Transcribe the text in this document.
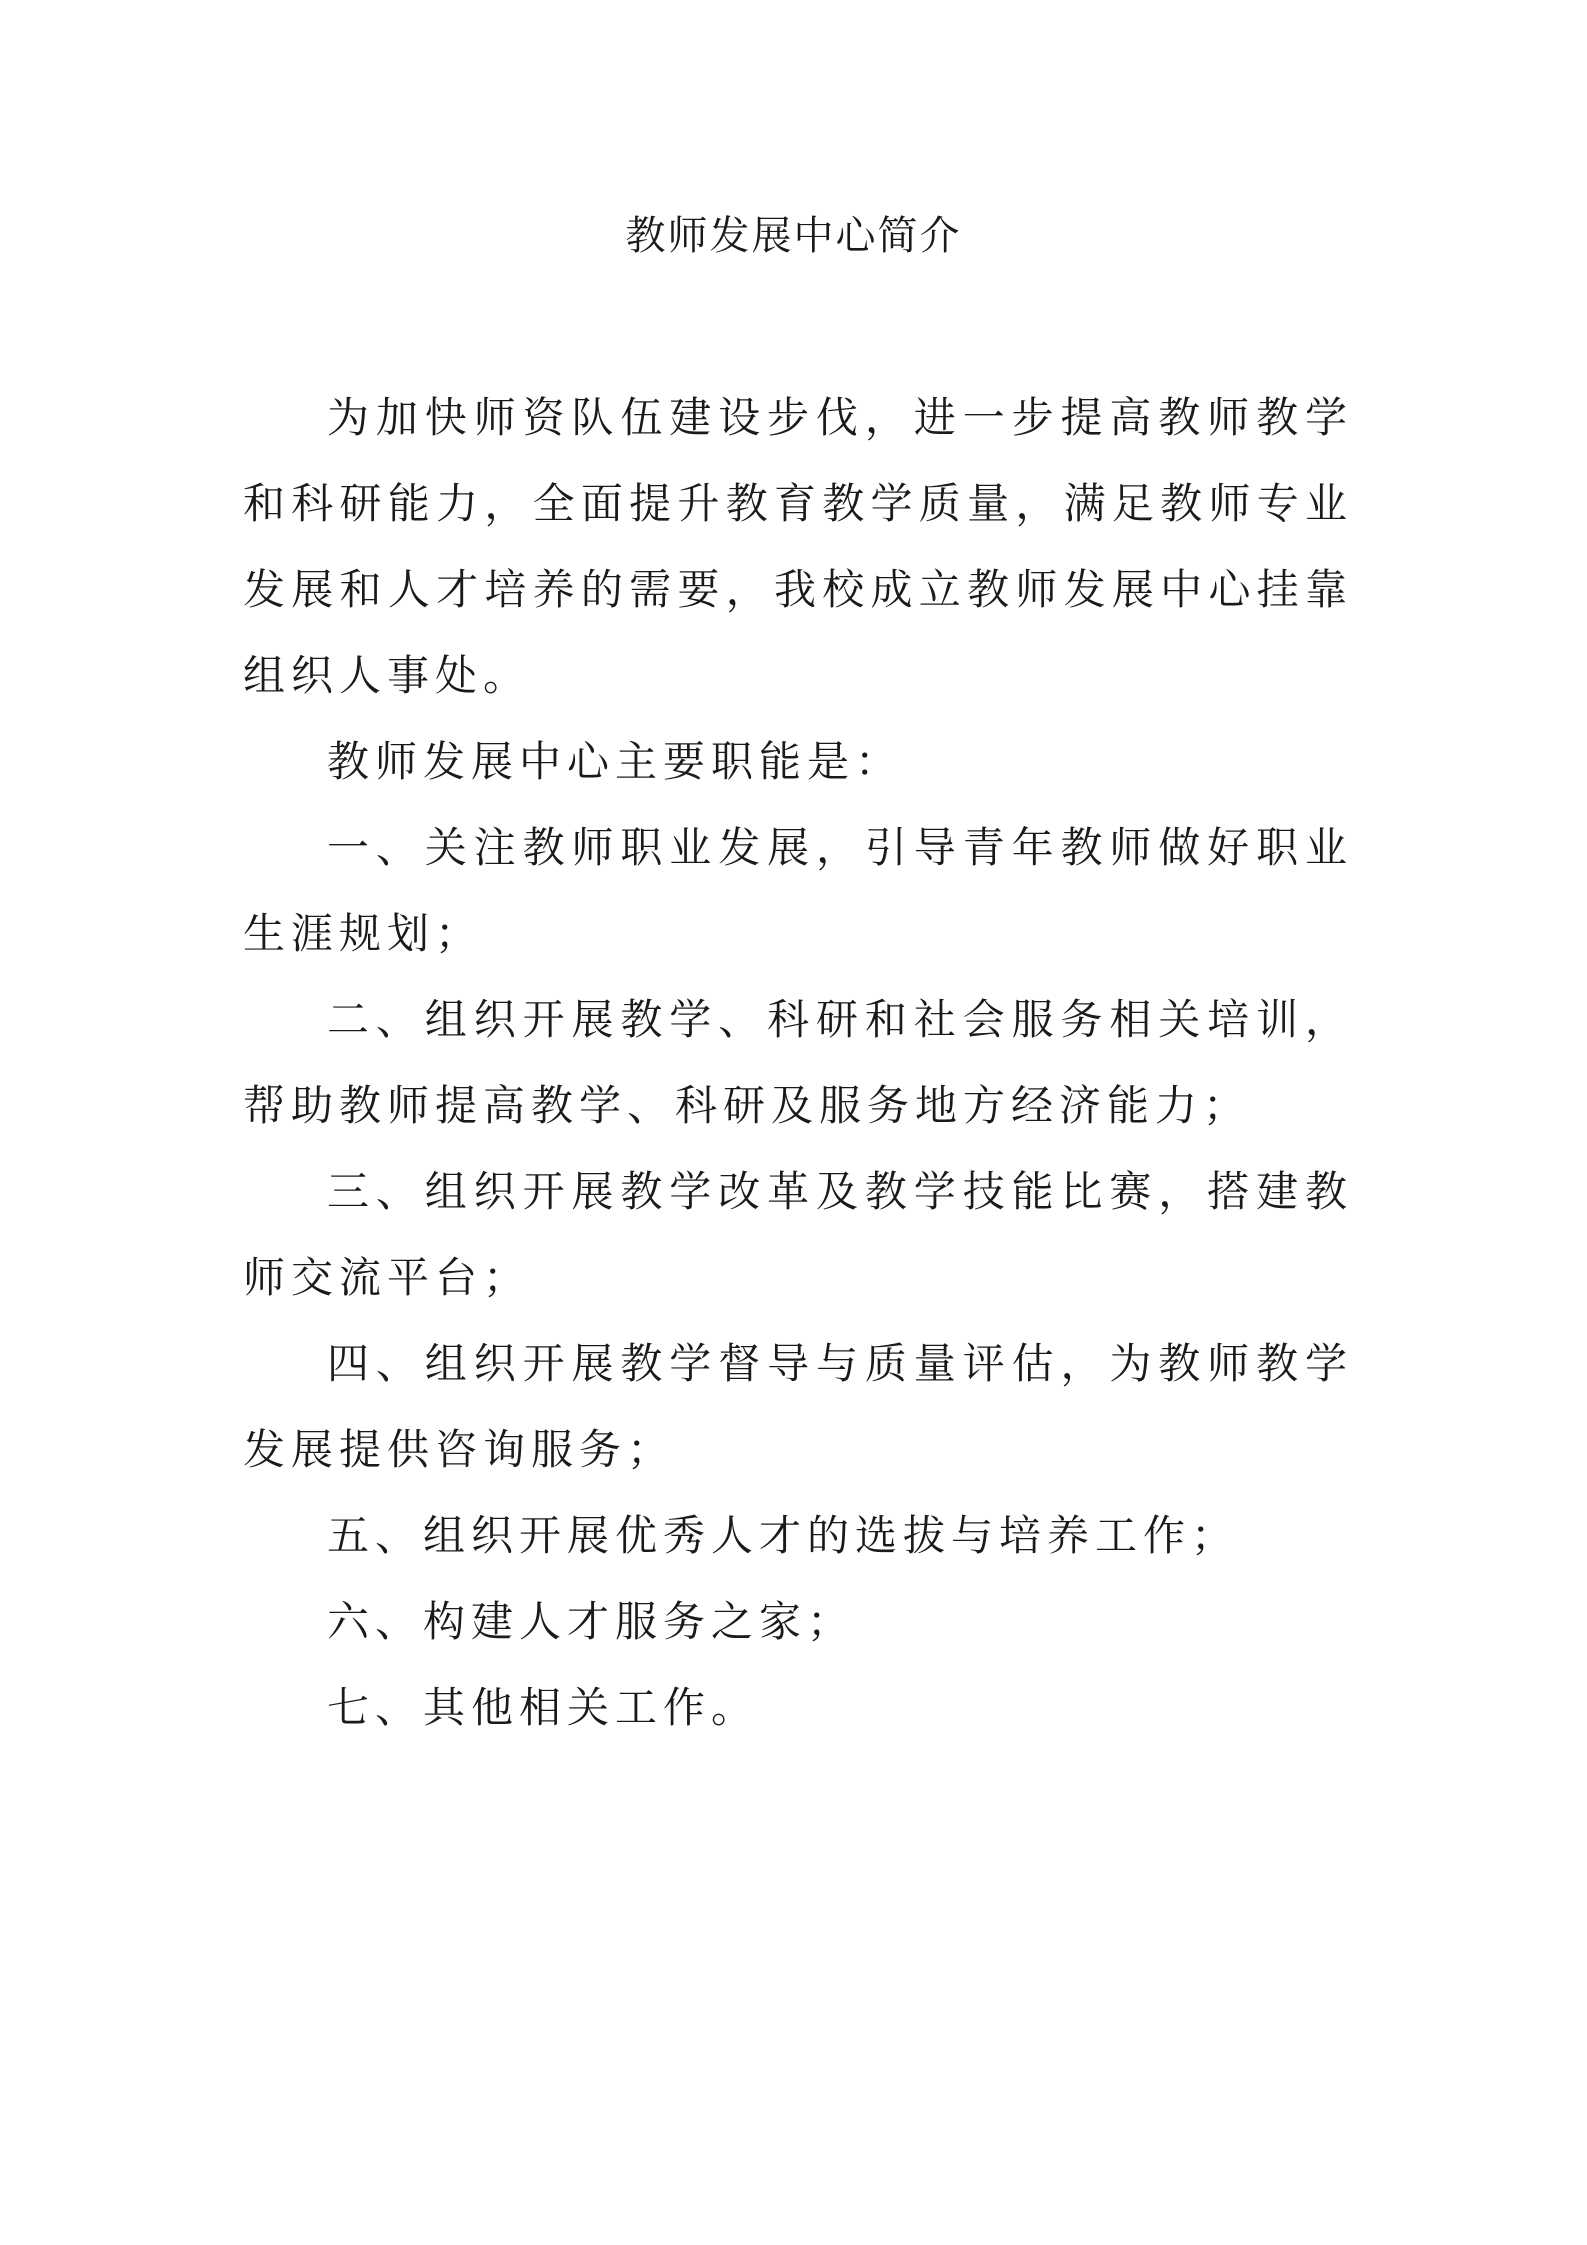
教师发展中心简介

为加快师资队伍建设步伐，进一步提高教师教学和科研能力，全面提升教育教学质量，满足教师专业发展和人才培养的需要，我校成立教师发展中心挂靠组织人事处。

教师发展中心主要职能是：

一、关注教师职业发展，引导青年教师做好职业生涯规划；

二、组织开展教学、科研和社会服务相关培训，帮助教师提高教学、科研及服务地方经济能力；

三、组织开展教学改革及教学技能比赛，搭建教师交流平台；

四、组织开展教学督导与质量评估，为教师教学发展提供咨询服务；

五、组织开展优秀人才的选拔与培养工作；

六、构建人才服务之家；

七、其他相关工作。
